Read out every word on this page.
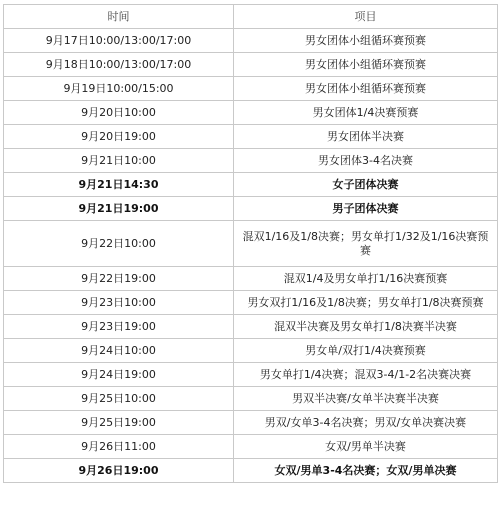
时间	项目
9月17日10:00/13:00/17:00	男女团体小组循环赛预赛
9月18日10:00/13:00/17:00	男女团体小组循环赛预赛
9月19日10:00/15:00	男女团体小组循环赛预赛
9月20日10:00	男女团体1/4决赛预赛
9月20日19:00	男女团体半决赛
9月21日10:00	男女团体3-4名决赛
9月21日14:30	女子团体决赛
9月21日19:00	男子团体决赛
9月22日10:00	混双1/16及1/8决赛；男女单打1/32及1/16决赛预赛
9月22日19:00	混双1/4及男女单打1/16决赛预赛
9月23日10:00	男女双打1/16及1/8决赛；男女单打1/8决赛预赛
9月23日19:00	混双半决赛及男女单打1/8决赛半决赛
9月24日10:00	男女单/双打1/4决赛预赛
9月24日19:00	男女单打1/4决赛；混双3-4/1-2名决赛决赛
9月25日10:00	男双半决赛/女单半决赛半决赛
9月25日19:00	男双/女单3-4名决赛；男双/女单决赛决赛
9月26日11:00	女双/男单半决赛
9月26日19:00	女双/男单3-4名决赛；女双/男单决赛
